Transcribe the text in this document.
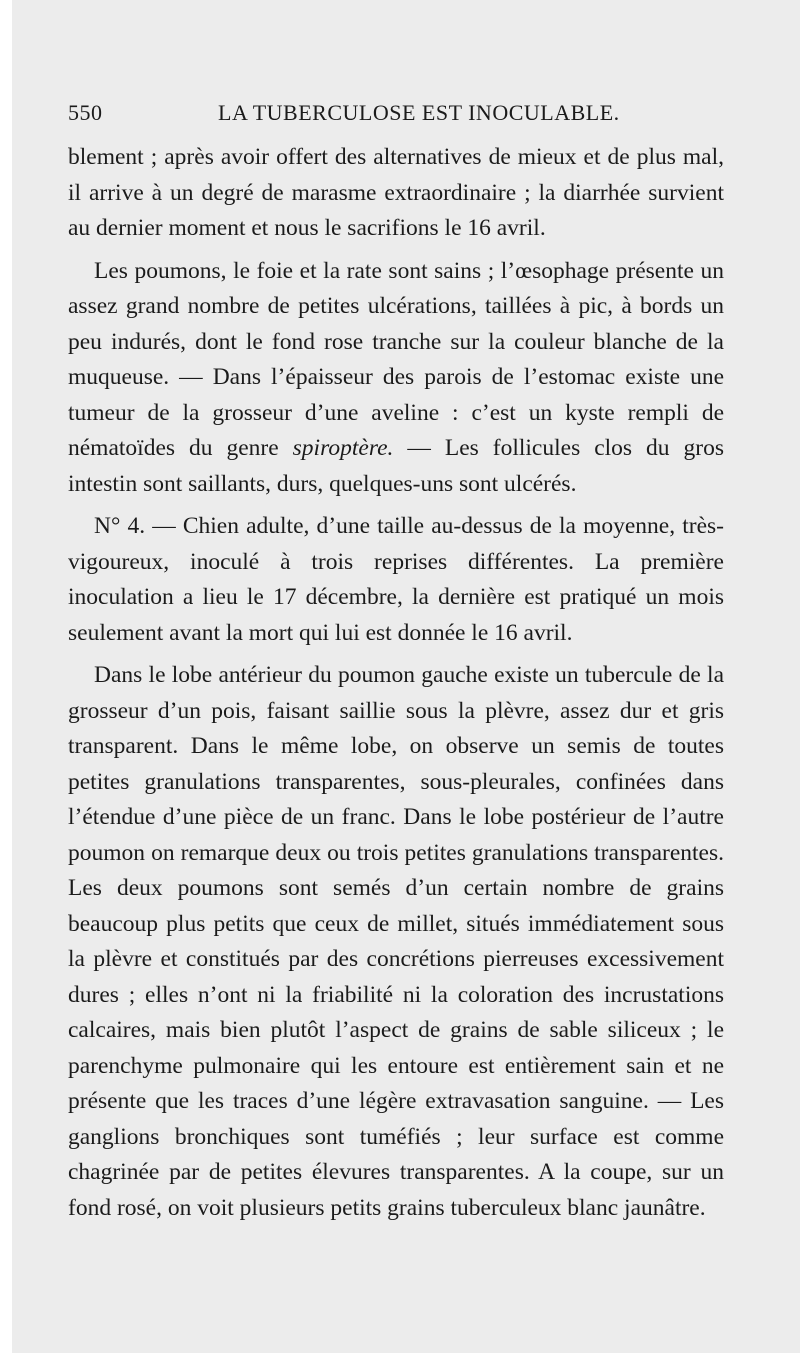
550	LA TUBERCULOSE EST INOCULABLE.

blement ; après avoir offert des alternatives de mieux et de plus mal, il arrive à un degré de marasme extraordinaire ; la diarrhée survient au dernier moment et nous le sacrifions le 16 avril.

Les poumons, le foie et la rate sont sains ; l’œsophage présente un assez grand nombre de petites ulcérations, taillées à pic, à bords un peu indurés, dont le fond rose tranche sur la couleur blanche de la muqueuse. — Dans l’épaisseur des parois de l’estomac existe une tumeur de la grosseur d’une aveline : c’est un kyste rempli de nématoïdes du genre spiroptère. — Les follicules clos du gros intestin sont saillants, durs, quelques-uns sont ulcérés.

N° 4. — Chien adulte, d’une taille au-dessus de la moyenne, très-vigoureux, inoculé à trois reprises différentes. La première inoculation a lieu le 17 décembre, la dernière est pratiqué un mois seulement avant la mort qui lui est donnée le 16 avril.

Dans le lobe antérieur du poumon gauche existe un tubercule de la grosseur d’un pois, faisant saillie sous la plèvre, assez dur et gris transparent. Dans le même lobe, on observe un semis de toutes petites granulations transparentes, sous-pleurales, confinées dans l’étendue d’une pièce de un franc. Dans le lobe postérieur de l’autre poumon on remarque deux ou trois petites granulations transparentes. Les deux poumons sont semés d’un certain nombre de grains beaucoup plus petits que ceux de millet, situés immédiatement sous la plèvre et constitués par des concrétions pierreuses excessivement dures ; elles n’ont ni la friabilité ni la coloration des incrustations calcaires, mais bien plutôt l’aspect de grains de sable siliceux ; le parenchyme pulmonaire qui les entoure est entièrement sain et ne présente que les traces d’une légère extravasation sanguine. — Les ganglions bronchiques sont tuméfiés ; leur surface est comme chagrinée par de petites élevures transparentes. A la coupe, sur un fond rosé, on voit plusieurs petits grains tuberculeux blanc jaunâtre.
